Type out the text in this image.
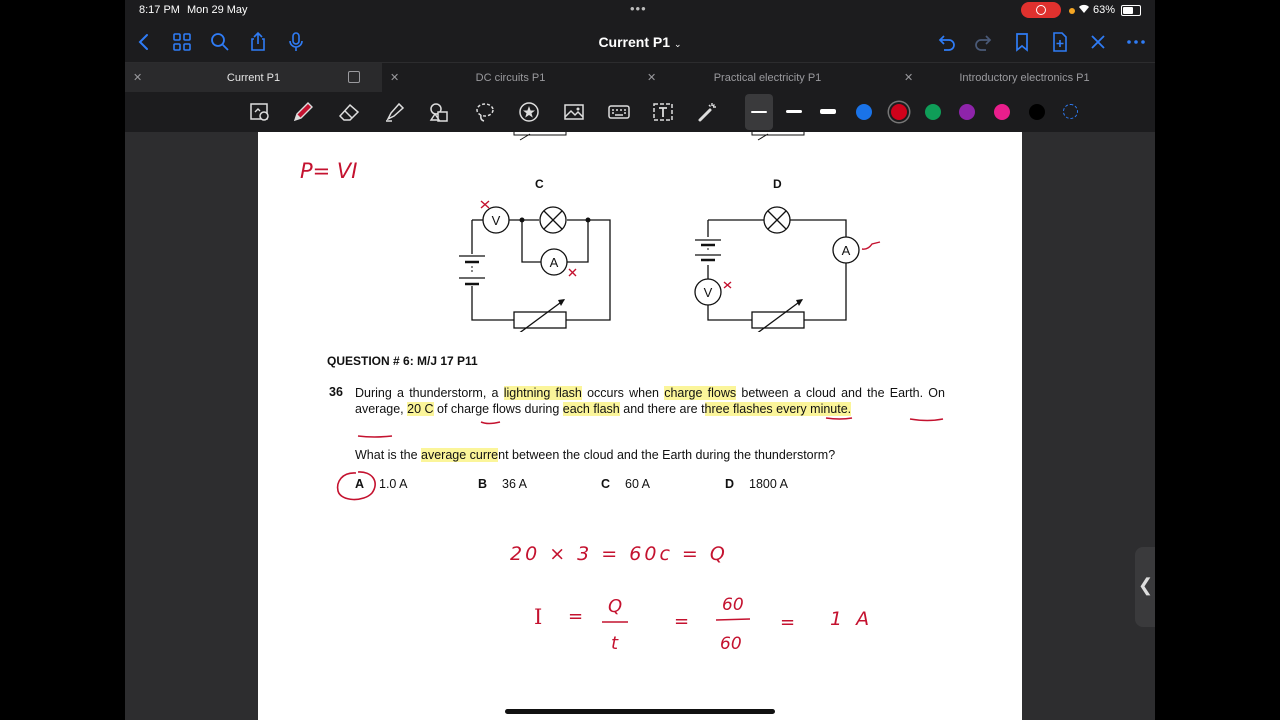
8:17 PM Mon 29 May	•••	63%
Current P1 ⌄
✕	Current P1	✕	DC circuits P1	✕	Practical electricity P1	✕	Introductory electronics P1
C	D
V
A
A
V
P= VI
QUESTION # 6: M/J 17 P11
36 During a thunderstorm, a lightning flash occurs when charge flows between a cloud and the Earth. On average, 20 C of charge flows during each flash and there are three flashes every minute.
What is the average current between the cloud and the Earth during the thunderstorm?
A 1.0 A	B 36 A	C 60 A	D 1800 A
20 × 3 = 60c = Q
I = Q
t
=
60
60
= 1 A
❮
